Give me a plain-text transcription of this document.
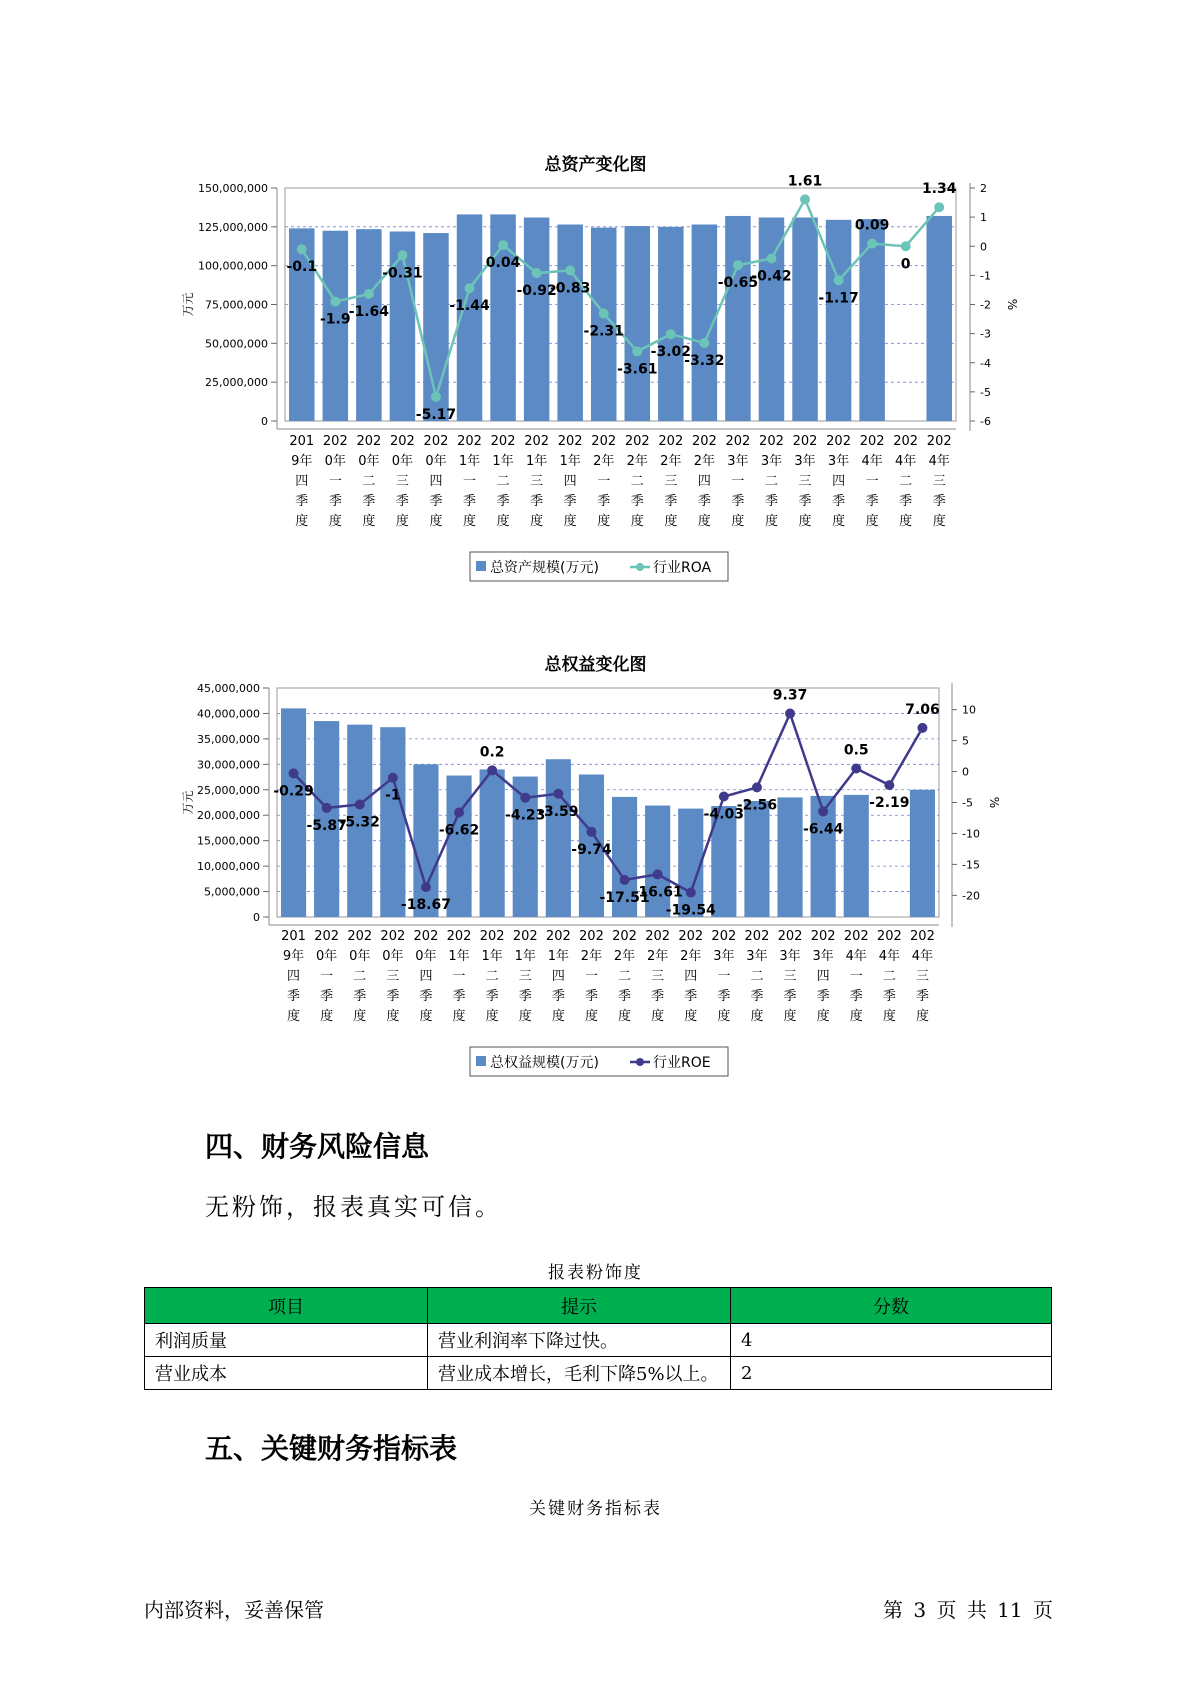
总资产变化图
150,000,000
125,000,000
100,000,000
75,000,000
50,000,000
25,000,000
0
万元
2
1
0
-1
-2
-3
-4
-5
-6
%
201
9年
四
季
度
202
0年
一
季
度
202
0年
二
季
度
202
0年
三
季
度
202
0年
四
季
度
202
1年
一
季
度
202
1年
二
季
度
202
1年
三
季
度
202
1年
四
季
度
202
2年
一
季
度
202
2年
二
季
度
202
2年
三
季
度
202
2年
四
季
度
202
3年
一
季
度
202
3年
二
季
度
202
3年
三
季
度
202
3年
四
季
度
202
4年
一
季
度
202
4年
二
季
度
202
4年
三
季
度
-0.1
-1.9
-1.64
-0.31
-5.17
-1.44
0.04
-0.92
-0.83
-2.31
-3.61
-3.02
-3.32
-0.65
-0.42
1.61
-1.17
0.09
0
1.34
总资产规模(万元)	行业ROA
总权益变化图
45,000,000
40,000,000
35,000,000
30,000,000
25,000,000
20,000,000
15,000,000
10,000,000
5,000,000
0
万元
10
5
0
-5
-10
-15
-20
%
201
9年
四
季
度
202
0年
一
季
度
202
0年
二
季
度
202
0年
三
季
度
202
0年
四
季
度
202
1年
一
季
度
202
1年
二
季
度
202
1年
三
季
度
202
1年
四
季
度
202
2年
一
季
度
202
2年
二
季
度
202
2年
三
季
度
202
2年
四
季
度
202
3年
一
季
度
202
3年
二
季
度
202
3年
三
季
度
202
3年
四
季
度
202
4年
一
季
度
202
4年
二
季
度
202
4年
三
季
度
-0.29
-5.87
-5.32
-1
-18.67
-6.62
0.2
-4.23
-3.59
-9.74
-17.51
-16.61
-19.54
-4.03
-2.56
9.37
-6.44
0.5
-2.19
7.06
总权益规模(万元)	行业ROE
四、财务风险信息
无粉饰，报表真实可信。
报表粉饰度
项目	提示	分数
利润质量	营业利润率下降过快。	4
营业成本	营业成本增长，毛利下降5%以上。	2
五、关键财务指标表
关键财务指标表
内部资料，妥善保管	第 3 页 共 11 页
